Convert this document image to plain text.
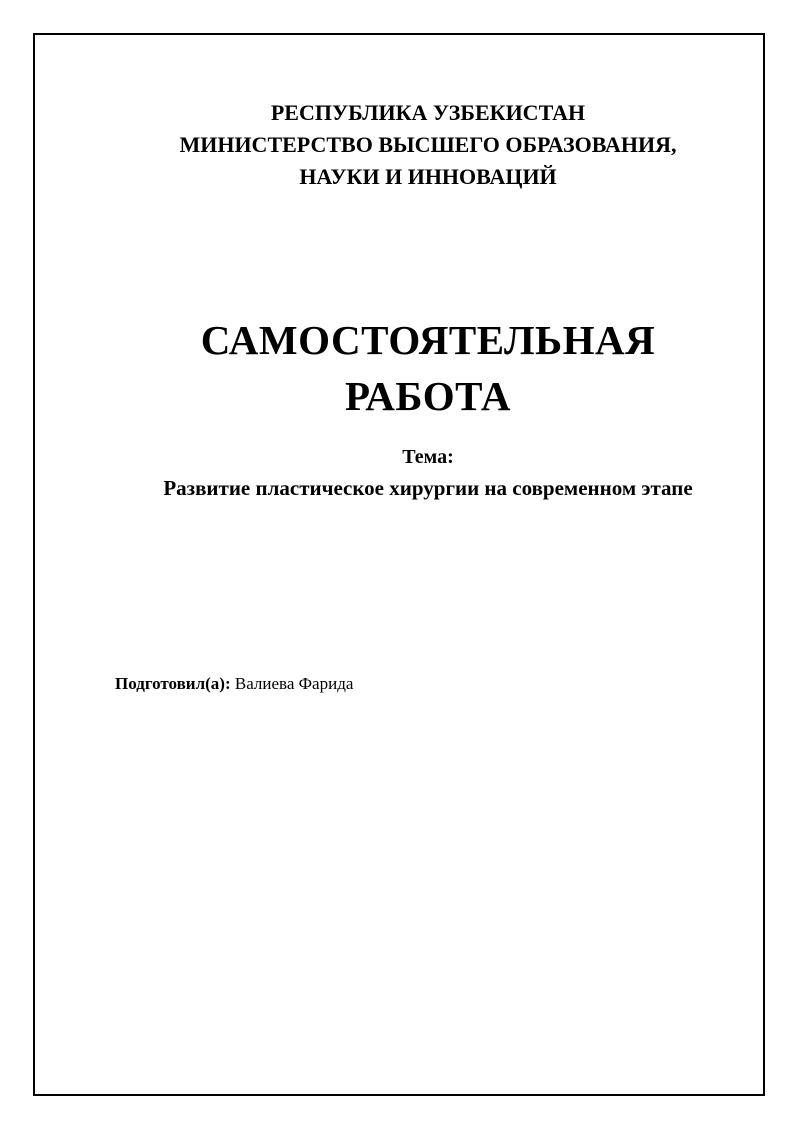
РЕСПУБЛИКА УЗБЕКИСТАН
МИНИСТЕРСТВО ВЫСШЕГО ОБРАЗОВАНИЯ,
НАУКИ И ИННОВАЦИЙ
САМОСТОЯТЕЛЬНАЯ
РАБОТА
Тема:
Развитие пластическое хирургии на современном этапе
Подготовил(а): Валиева Фарида
